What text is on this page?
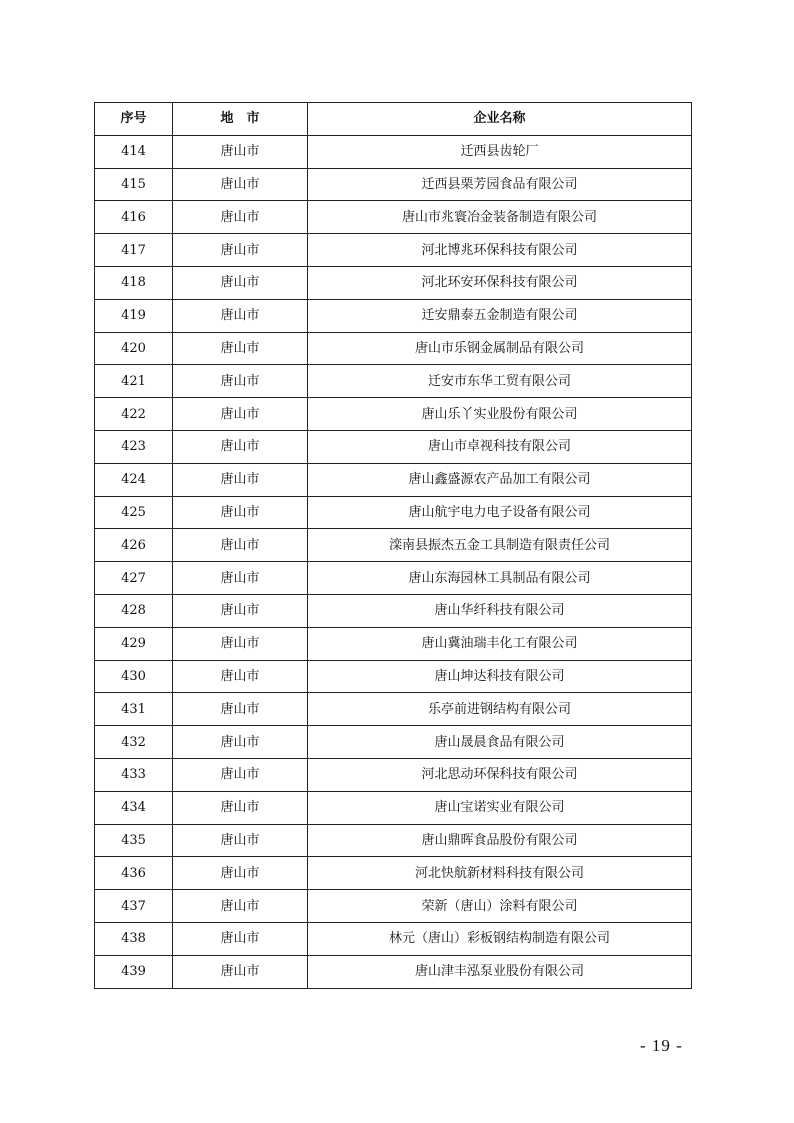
序号	地　市	企业名称
414	唐山市	迁西县齿轮厂
415	唐山市	迁西县栗芳园食品有限公司
416	唐山市	唐山市兆寰冶金装备制造有限公司
417	唐山市	河北博兆环保科技有限公司
418	唐山市	河北环安环保科技有限公司
419	唐山市	迁安鼎泰五金制造有限公司
420	唐山市	唐山市乐钢金属制品有限公司
421	唐山市	迁安市东华工贸有限公司
422	唐山市	唐山乐丫实业股份有限公司
423	唐山市	唐山市卓视科技有限公司
424	唐山市	唐山鑫盛源农产品加工有限公司
425	唐山市	唐山航宇电力电子设备有限公司
426	唐山市	滦南县振杰五金工具制造有限责任公司
427	唐山市	唐山东海园林工具制品有限公司
428	唐山市	唐山华纤科技有限公司
429	唐山市	唐山冀油瑞丰化工有限公司
430	唐山市	唐山坤达科技有限公司
431	唐山市	乐亭前进钢结构有限公司
432	唐山市	唐山晟晨食品有限公司
433	唐山市	河北思动环保科技有限公司
434	唐山市	唐山宝诺实业有限公司
435	唐山市	唐山鼎晖食品股份有限公司
436	唐山市	河北快航新材料科技有限公司
437	唐山市	荣新（唐山）涂料有限公司
438	唐山市	林元（唐山）彩板钢结构制造有限公司
439	唐山市	唐山津丰泓泵业股份有限公司
- 19 -
